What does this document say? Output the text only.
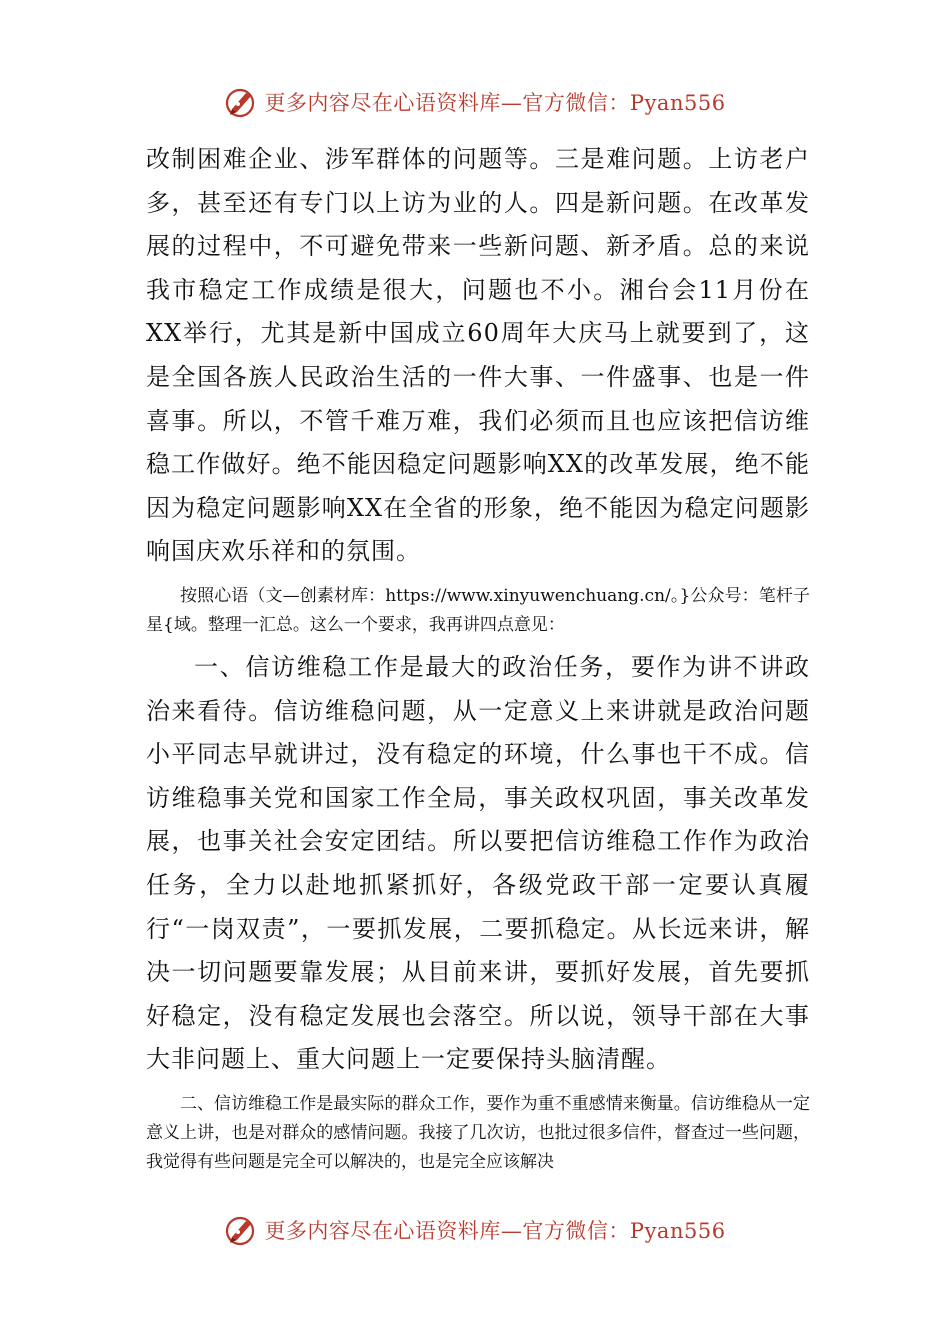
更多内容尽在心语资料库—官方微信：Pyan556

改制困难企业、涉军群体的问题等。三是难问题。上访老户多，甚至还有专门以上访为业的人。四是新问题。在改革发展的过程中，不可避免带来一些新问题、新矛盾。总的来说我市稳定工作成绩是很大，问题也不小。湘台会11月份在XX举行，尤其是新中国成立60周年大庆马上就要到了，这是全国各族人民政治生活的一件大事、一件盛事、也是一件喜事。所以，不管千难万难，我们必须而且也应该把信访维稳工作做好。绝不能因稳定问题影响XX的改革发展，绝不能因为稳定问题影响XX在全省的形象，绝不能因为稳定问题影响国庆欢乐祥和的氛围。

按照心语（文—创素材库：https://www.xinyuwenchuang.cn/。}公众号：笔杆子星{域。整理一汇总。这么一个要求，我再讲四点意见：

一、信访维稳工作是最大的政治任务，要作为讲不讲政治来看待。信访维稳问题，从一定意义上来讲就是政治问题小平同志早就讲过，没有稳定的环境，什么事也干不成。信访维稳事关党和国家工作全局，事关政权巩固，事关改革发展，也事关社会安定团结。所以要把信访维稳工作作为政治任务，全力以赴地抓紧抓好，各级党政干部一定要认真履行“一岗双责”，一要抓发展，二要抓稳定。从长远来讲，解决一切问题要靠发展；从目前来讲，要抓好发展，首先要抓好稳定，没有稳定发展也会落空。所以说，领导干部在大事大非问题上、重大问题上一定要保持头脑清醒。

二、信访维稳工作是最实际的群众工作，要作为重不重感情来衡量。信访维稳从一定意义上讲，也是对群众的感情问题。我接了几次访，也批过很多信件，督查过一些问题，我觉得有些问题是完全可以解决的，也是完全应该解决

更多内容尽在心语资料库—官方微信：Pyan556
